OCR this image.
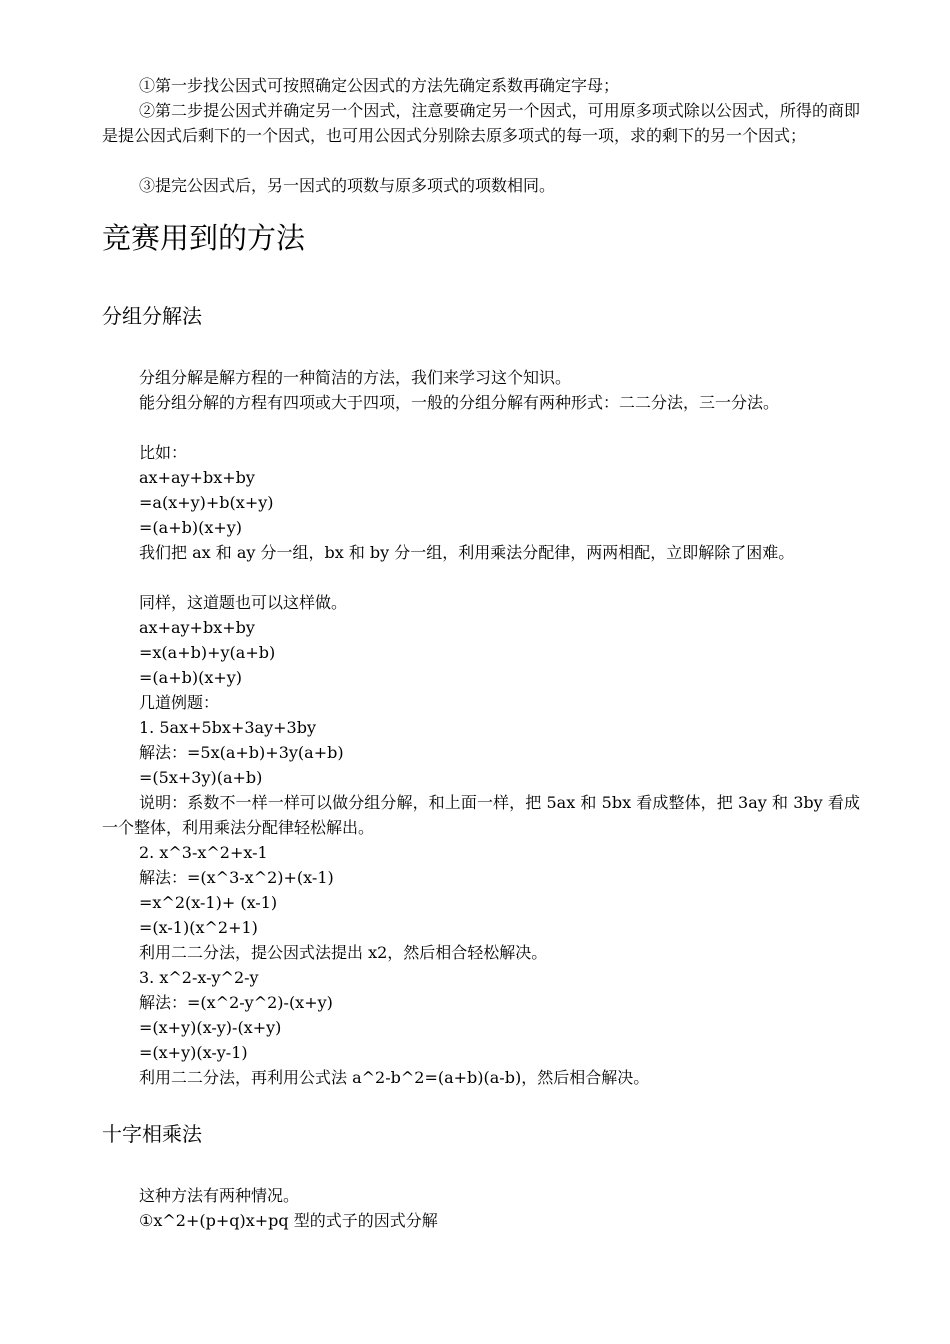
①第一步找公因式可按照确定公因式的方法先确定系数再确定字母；

②第二步提公因式并确定另一个因式，注意要确定另一个因式，可用原多项式除以公因式，所得的商即是提公因式后剩下的一个因式，也可用公因式分别除去原多项式的每一项，求的剩下的另一个因式；

③提完公因式后，另一因式的项数与原多项式的项数相同。

竞赛用到的方法
分组分解法

分组分解是解方程的一种简洁的方法，我们来学习这个知识。

能分组分解的方程有四项或大于四项，一般的分组分解有两种形式：二二分法，三一分法。

比如：

ax+ay+bx+by

=a(x+y)+b(x+y)

=(a+b)(x+y)

我们把 ax 和 ay 分一组，bx 和 by 分一组，利用乘法分配律，两两相配，立即解除了困难。

同样，这道题也可以这样做。

ax+ay+bx+by

=x(a+b)+y(a+b)

=(a+b)(x+y)

几道例题：

1. 5ax+5bx+3ay+3by

解法：=5x(a+b)+3y(a+b)

=(5x+3y)(a+b)

说明：系数不一样一样可以做分组分解，和上面一样，把 5ax 和 5bx 看成整体，把 3ay 和 3by 看成一个整体，利用乘法分配律轻松解出。

2. x^3-x^2+x-1

解法：=(x^3-x^2)+(x-1)

=x^2(x-1)+ (x-1)

=(x-1)(x^2+1)

利用二二分法，提公因式法提出 x2，然后相合轻松解决。

3. x^2-x-y^2-y

解法：=(x^2-y^2)-(x+y)

=(x+y)(x-y)-(x+y)

=(x+y)(x-y-1)

利用二二分法，再利用公式法 a^2-b^2=(a+b)(a-b)，然后相合解决。

十字相乘法

这种方法有两种情况。

①x^2+(p+q)x+pq 型的式子的因式分解
